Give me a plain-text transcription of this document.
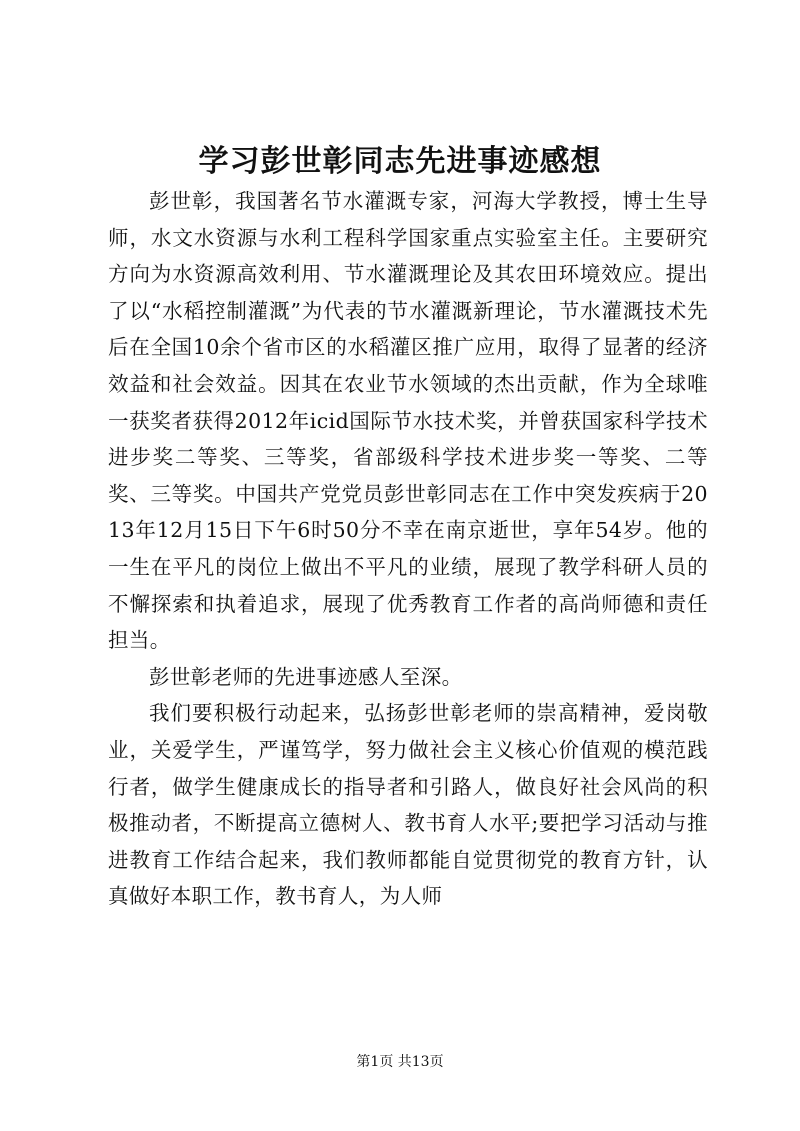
学习彭世彰同志先进事迹感想

彭世彰，我国著名节水灌溉专家，河海大学教授，博士生导师，水文水资源与水利工程科学国家重点实验室主任。主要研究方向为水资源高效利用、节水灌溉理论及其农田环境效应。提出了以“水稻控制灌溉”为代表的节水灌溉新理论，节水灌溉技术先后在全国10余个省市区的水稻灌区推广应用，取得了显著的经济效益和社会效益。因其在农业节水领域的杰出贡献，作为全球唯一获奖者获得2012年icid国际节水技术奖，并曾获国家科学技术进步奖二等奖、三等奖，省部级科学技术进步奖一等奖、二等奖、三等奖。中国共产党党员彭世彰同志在工作中突发疾病于2013年12月15日下午6时50分不幸在南京逝世，享年54岁。他的一生在平凡的岗位上做出不平凡的业绩，展现了教学科研人员的不懈探索和执着追求，展现了优秀教育工作者的高尚师德和责任担当。

彭世彰老师的先进事迹感人至深。

我们要积极行动起来，弘扬彭世彰老师的崇高精神，爱岗敬业，关爱学生，严谨笃学，努力做社会主义核心价值观的模范践行者，做学生健康成长的指导者和引路人，做良好社会风尚的积极推动者，不断提高立德树人、教书育人水平;要把学习活动与推进教育工作结合起来，我们教师都能自觉贯彻党的教育方针，认真做好本职工作，教书育人，为人师

第1页 共13页
